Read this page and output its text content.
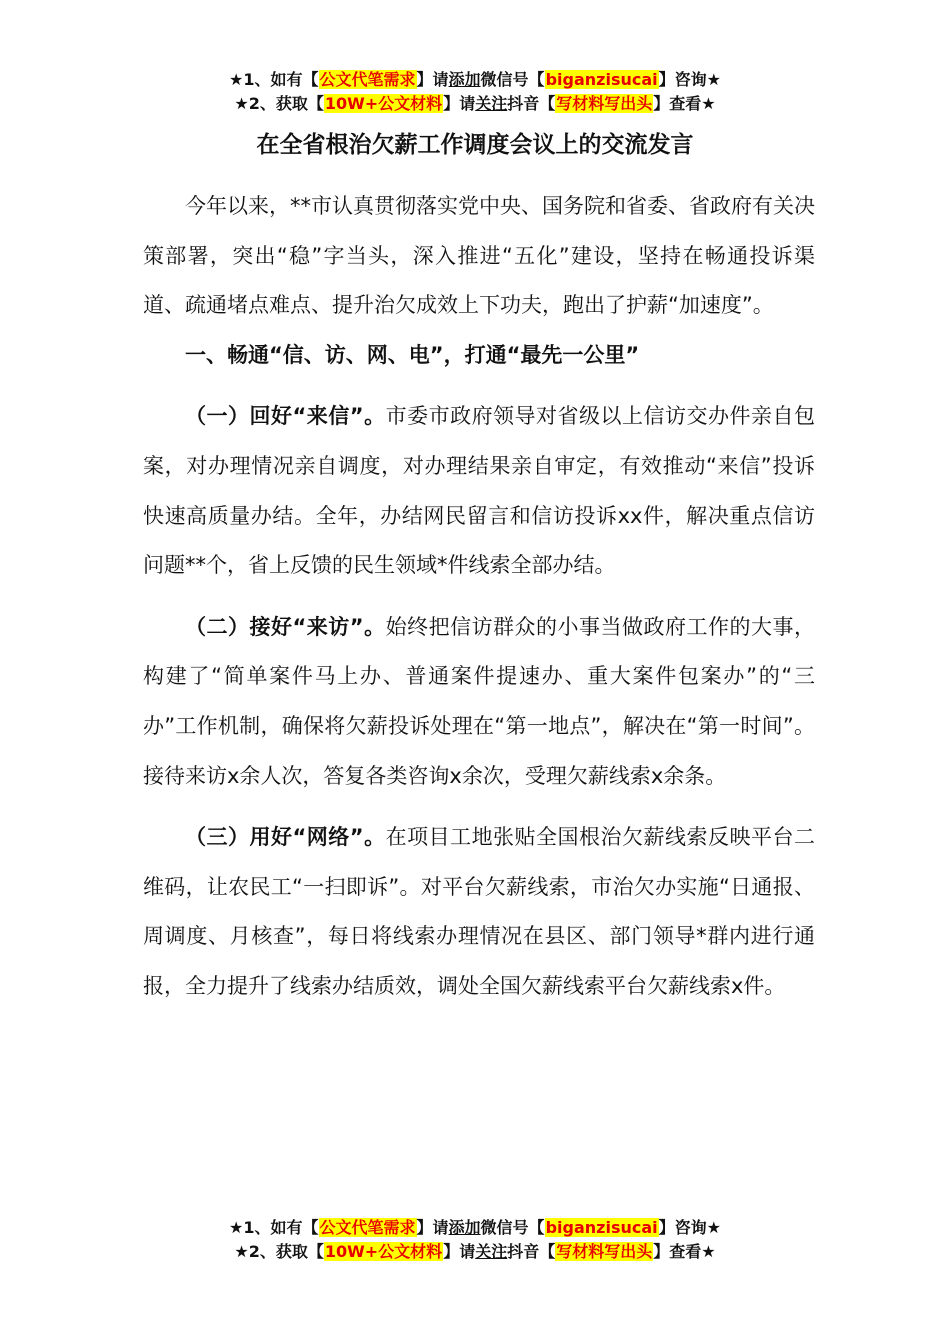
★1、如有【公文代笔需求】请添加微信号【biganzisucai】咨询★
★2、获取【10W+公文材料】请关注抖音【写材料写出头】查看★
在全省根治欠薪工作调度会议上的交流发言

今年以来，**市认真贯彻落实党中央、国务院和省委、省政府有关决策部署，突出“稳”字当头，深入推进“五化”建设，坚持在畅通投诉渠道、疏通堵点难点、提升治欠成效上下功夫，跑出了护薪“加速度”。

一、畅通“信、访、网、电”，打通“最先一公里”

（一）回好“来信”。市委市政府领导对省级以上信访交办件亲自包案，对办理情况亲自调度，对办理结果亲自审定，有效推动“来信”投诉快速高质量办结。全年，办结网民留言和信访投诉xx件，解决重点信访问题**个，省上反馈的民生领域*件线索全部办结。

（二）接好“来访”。始终把信访群众的小事当做政府工作的大事，构建了“简单案件马上办、普通案件提速办、重大案件包案办”的“三办”工作机制，确保将欠薪投诉处理在“第一地点”，解决在“第一时间”。接待来访x余人次，答复各类咨询x余次，受理欠薪线索x余条。

（三）用好“网络”。在项目工地张贴全国根治欠薪线索反映平台二维码，让农民工“一扫即诉”。对平台欠薪线索，市治欠办实施“日通报、周调度、月核查”，每日将线索办理情况在县区、部门领导*群内进行通报，全力提升了线索办结质效，调处全国欠薪线索平台欠薪线索x件。

★1、如有【公文代笔需求】请添加微信号【biganzisucai】咨询★
★2、获取【10W+公文材料】请关注抖音【写材料写出头】查看★
